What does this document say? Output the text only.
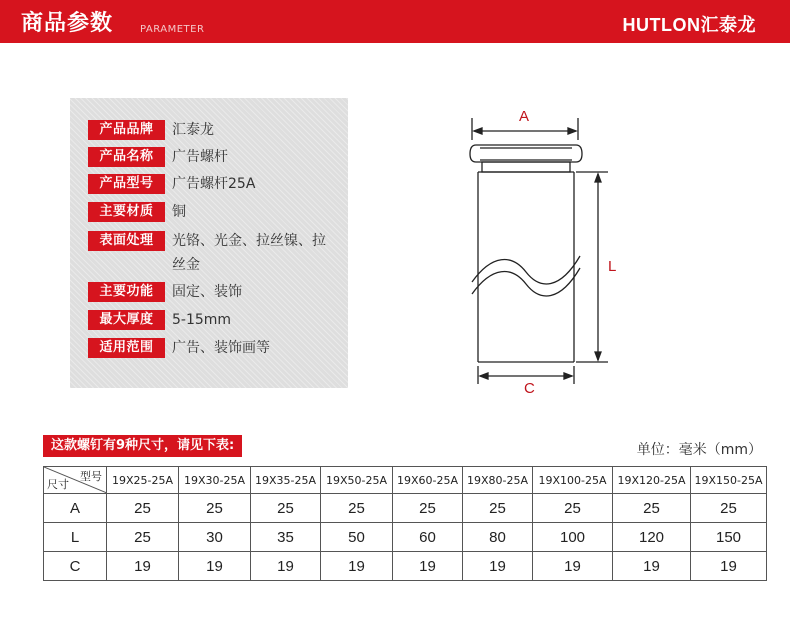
商品参数	PARAMETER	HUTLON汇泰龙
产品品牌	汇泰龙
产品名称	广告螺杆
产品型号	广告螺杆25A
主要材质	铜
表面处理	光铬、光金、拉丝镍、拉丝金
主要功能	固定、装饰
最大厚度	5-15mm
适用范围	广告、装饰画等
A
L
C
这款螺钉有9种尺寸，请见下表:	单位：毫米（mm）
型号
尺寸	19X25-25A	19X30-25A	19X35-25A	19X50-25A	19X60-25A	19X80-25A	19X100-25A	19X120-25A	19X150-25A
A	25	25	25	25	25	25	25	25	25
L	25	30	35	50	60	80	100	120	150
C	19	19	19	19	19	19	19	19	19
